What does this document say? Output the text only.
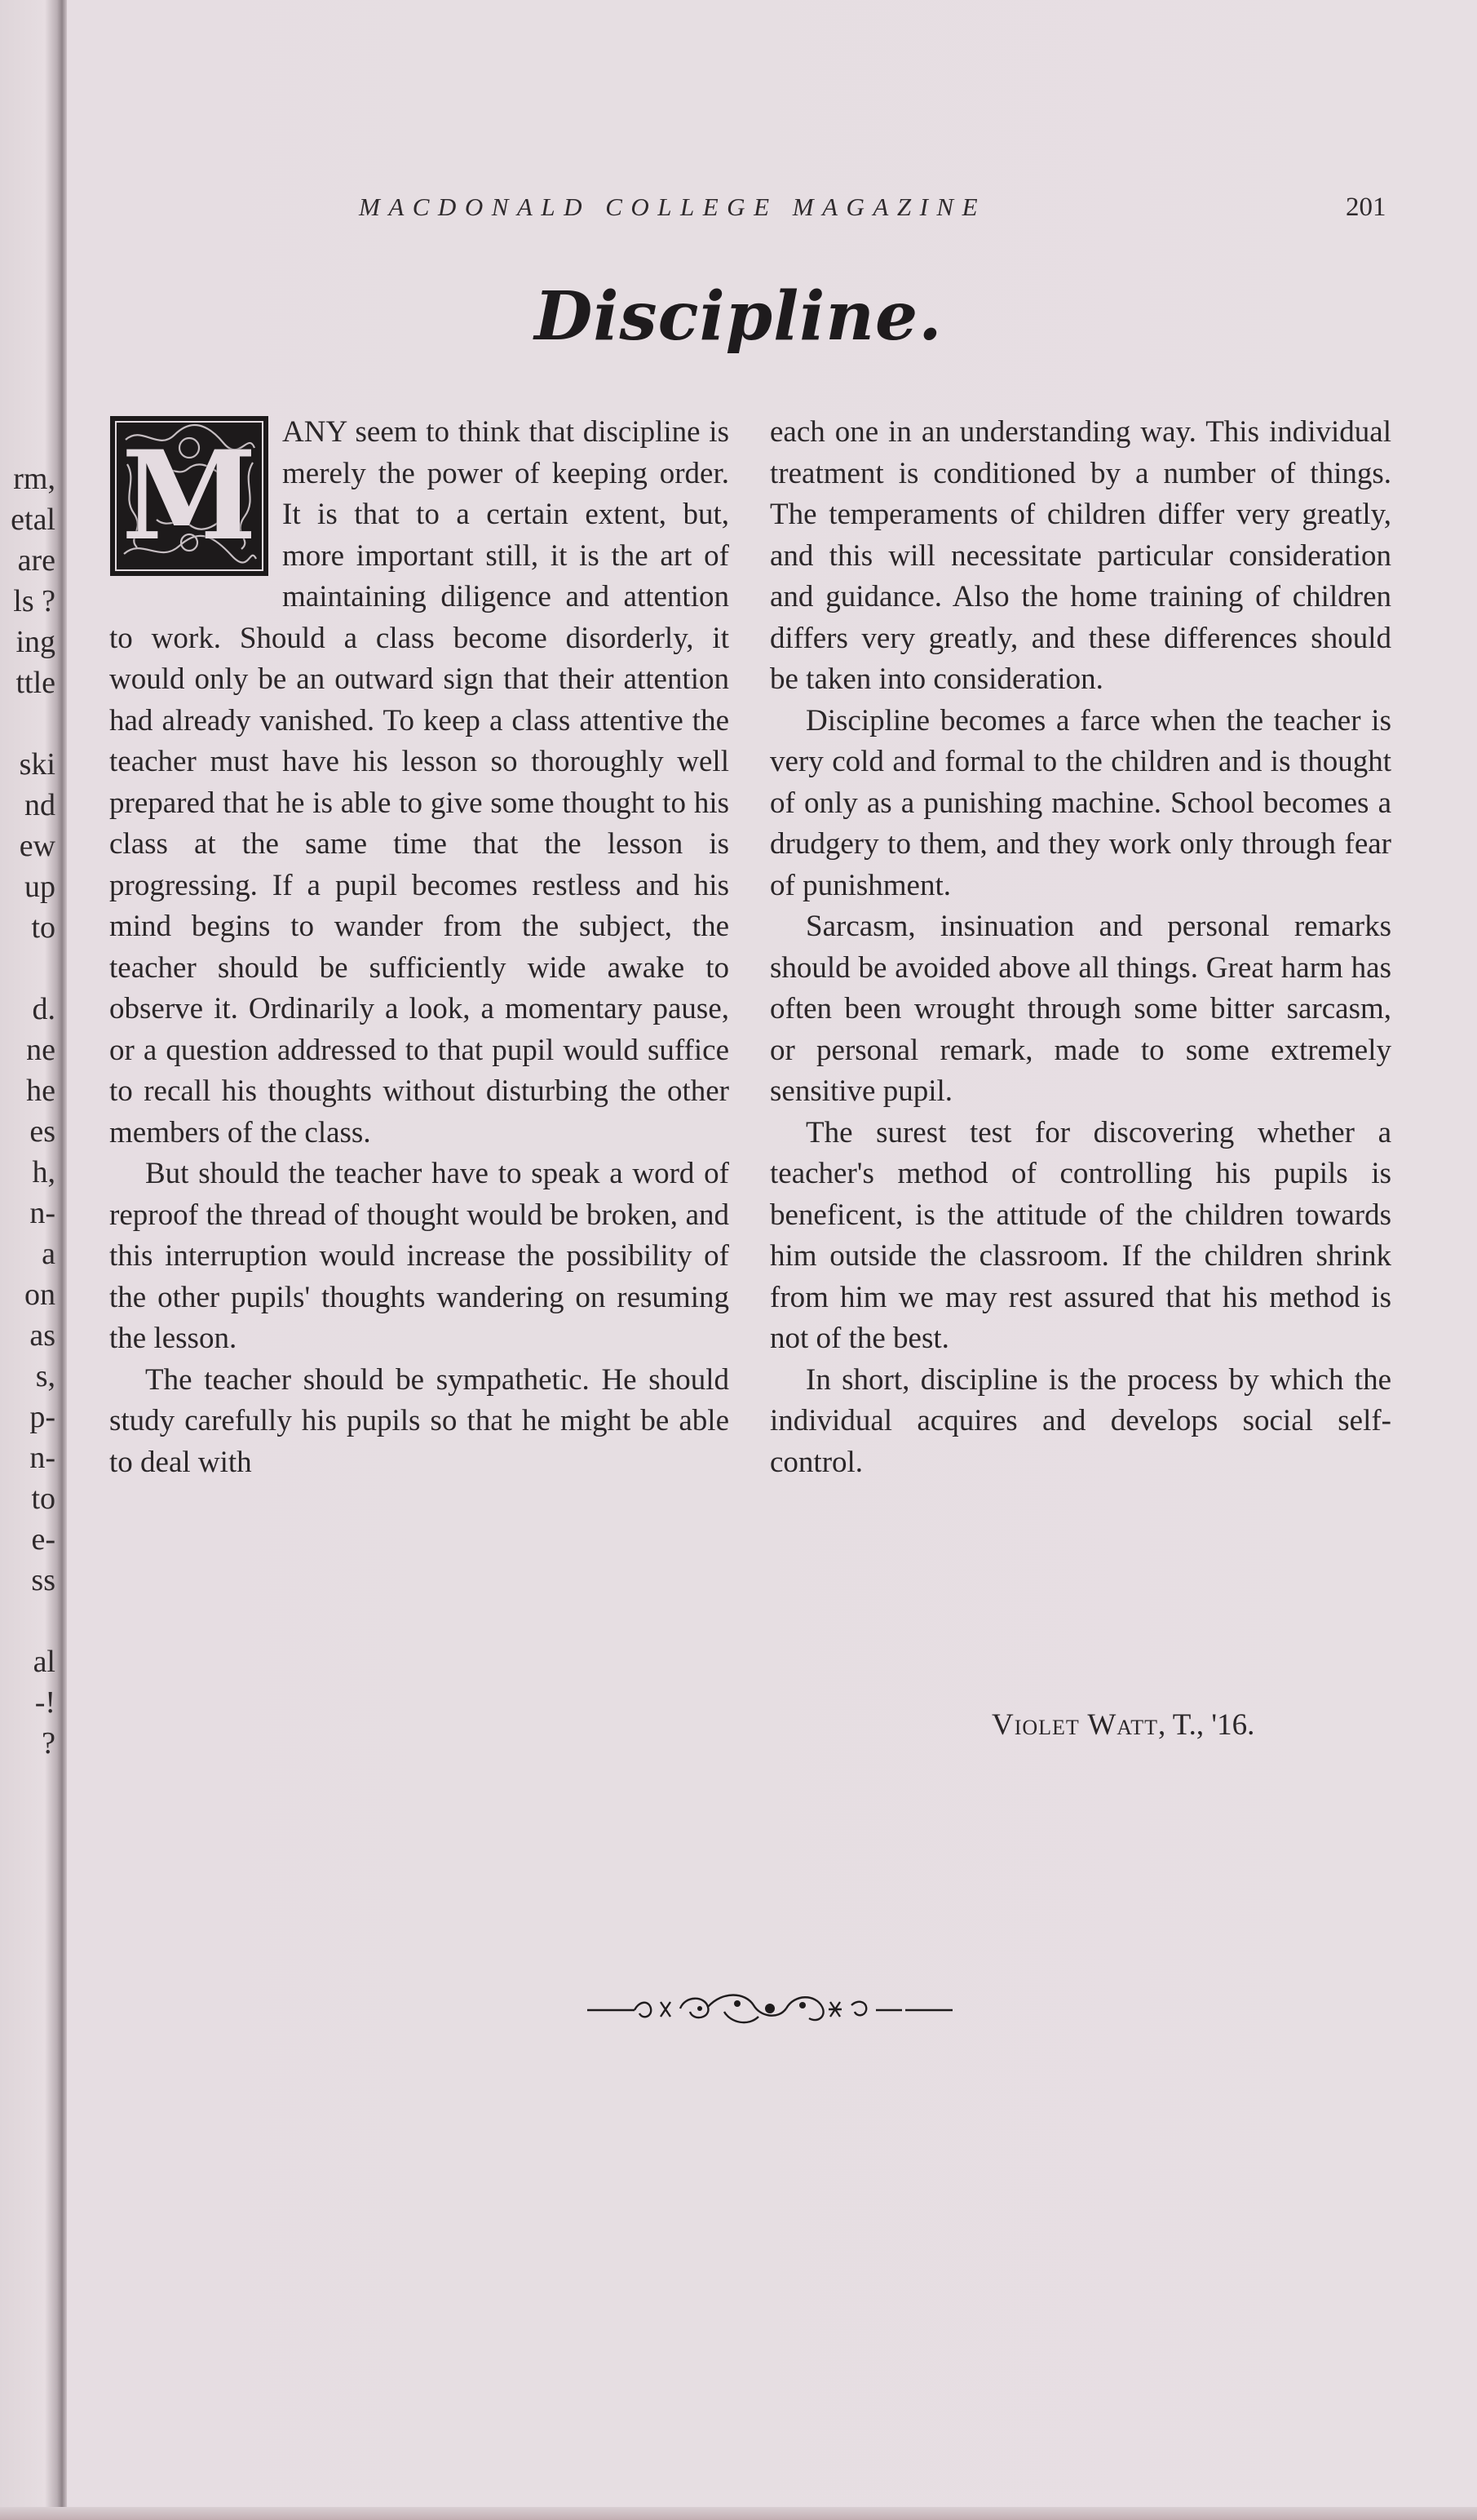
rm,
etal
are
ls ?
ing
ttle

ski
nd
ew
up
to

d.
ne
he
es
h,
n-
a
on
as
s,
p-
n-
to
e-
ss

al
-!
?
MACDONALD COLLEGE MAGAZINE	201
Discipline.

M ANY seem to think that discipline is merely the power of keeping order. It is that to a certain extent, but, more important still, it is the art of maintaining diligence and attention to work. Should a class become disorderly, it would only be an outward sign that their attention had already vanished. To keep a class attentive the teacher must have his lesson so thoroughly well prepared that he is able to give some thought to his class at the same time that the lesson is progressing. If a pupil becomes restless and his mind begins to wander from the subject, the teacher should be sufficiently wide awake to observe it. Ordinarily a look, a momentary pause, or a question addressed to that pupil would suffice to recall his thoughts without disturbing the other members of the class.

But should the teacher have to speak a word of reproof the thread of thought would be broken, and this interruption would increase the possibility of the other pupils' thoughts wandering on resuming the lesson.

The teacher should be sympathetic. He should study carefully his pupils so that he might be able to deal with

each one in an understanding way. This individual treatment is conditioned by a number of things. The temperaments of children differ very greatly, and this will necessitate particular consideration and guidance. Also the home training of children differs very greatly, and these differences should be taken into consideration.

Discipline becomes a farce when the teacher is very cold and formal to the children and is thought of only as a punishing machine. School becomes a drudgery to them, and they work only through fear of punishment.

Sarcasm, insinuation and personal remarks should be avoided above all things. Great harm has often been wrought through some bitter sarcasm, or personal remark, made to some extremely sensitive pupil.

The surest test for discovering whether a teacher's method of controlling his pupils is beneficent, is the attitude of the children towards him outside the classroom. If the children shrink from him we may rest assured that his method is not of the best.

In short, discipline is the process by which the individual acquires and develops social self-control.

Violet Watt, T., '16.
